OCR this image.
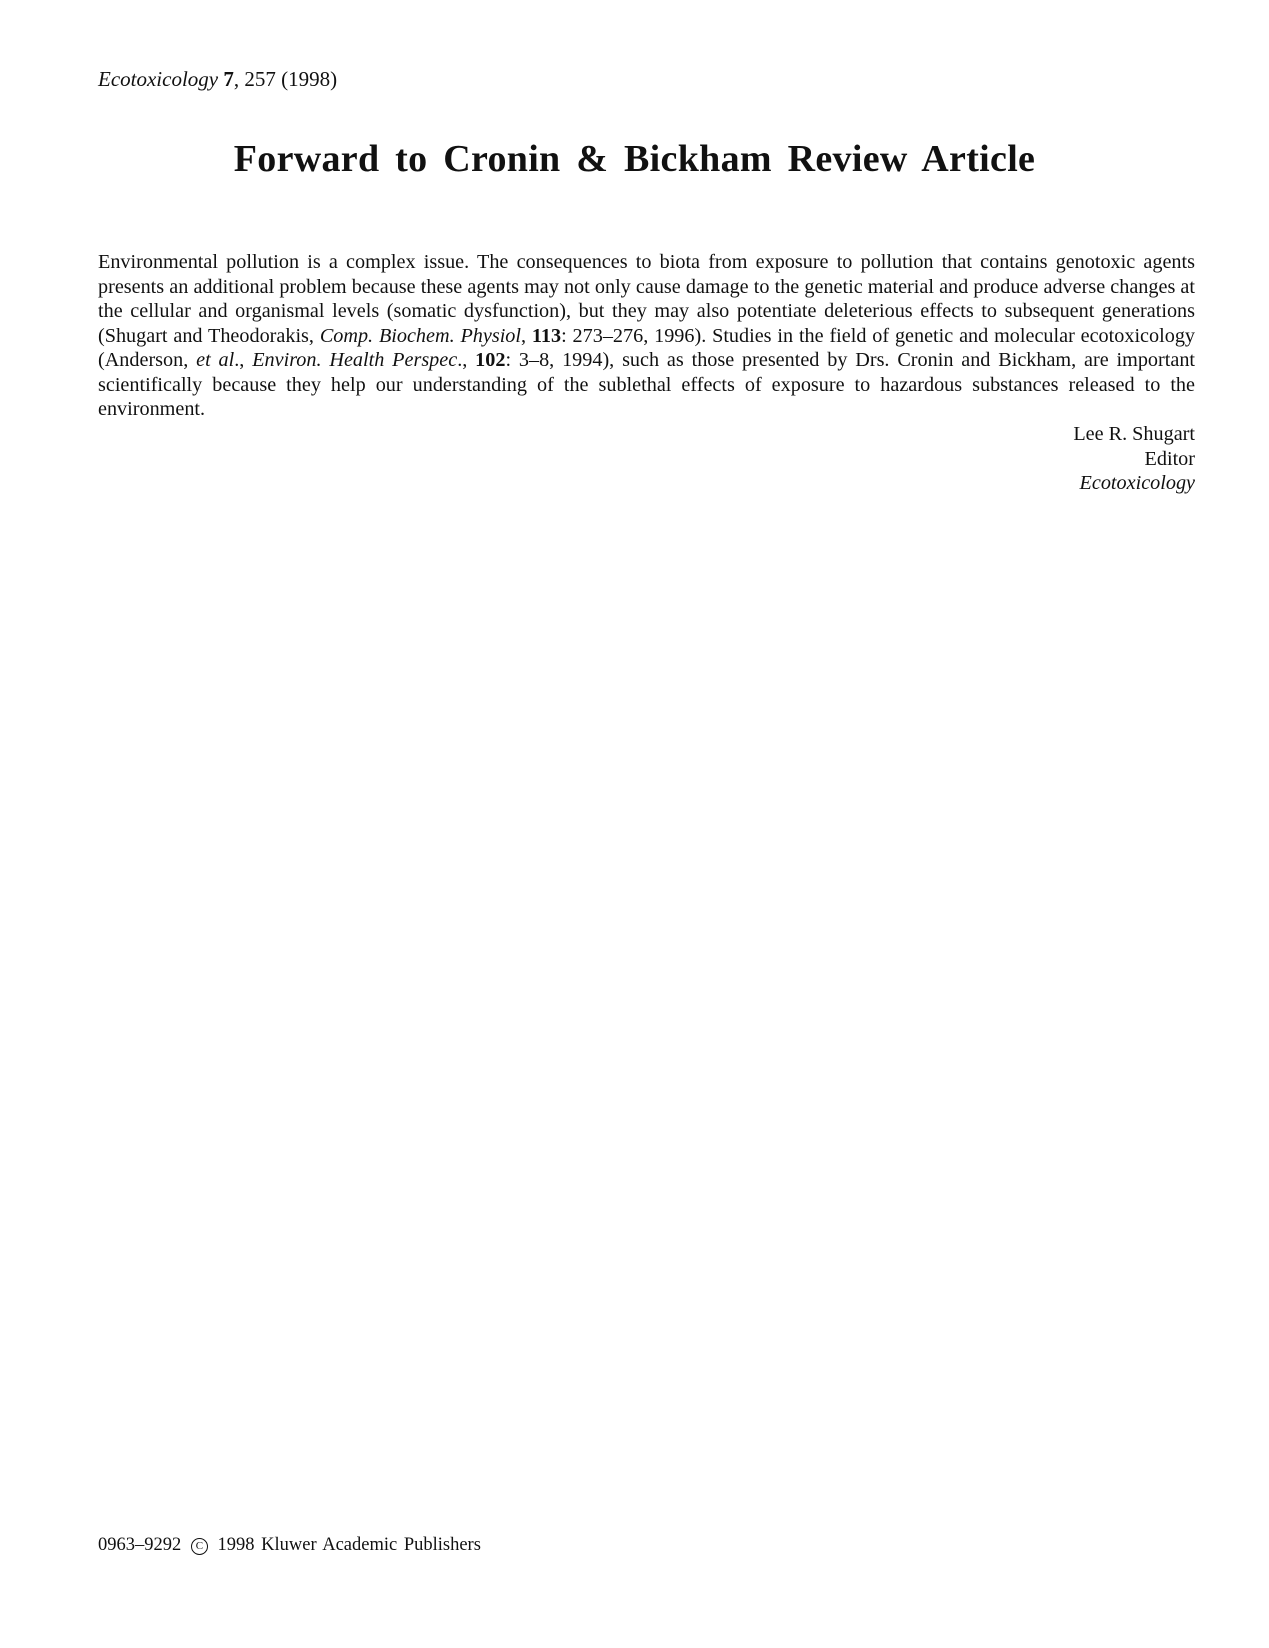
Ecotoxicology 7, 257 (1998)
Forward to Cronin & Bickham Review Article

Environmental pollution is a complex issue. The consequences to biota from exposure to pollution that contains genotoxic agents presents an additional problem because these agents may not only cause damage to the genetic material and produce adverse changes at the cellular and organismal levels (somatic dysfunction), but they may also potentiate deleterious effects to subsequent generations (Shugart and Theodorakis, Comp. Biochem. Physiol, 113: 273–276, 1996). Studies in the field of genetic and molecular ecotoxicology (Anderson, et al., Environ. Health Perspec., 102: 3–8, 1994), such as those presented by Drs. Cronin and Bickham, are important scientifically because they help our understanding of the sublethal effects of exposure to hazardous substances released to the environment.

Lee R. Shugart
Editor
Ecotoxicology
0963–9292 C 1998 Kluwer Academic Publishers
